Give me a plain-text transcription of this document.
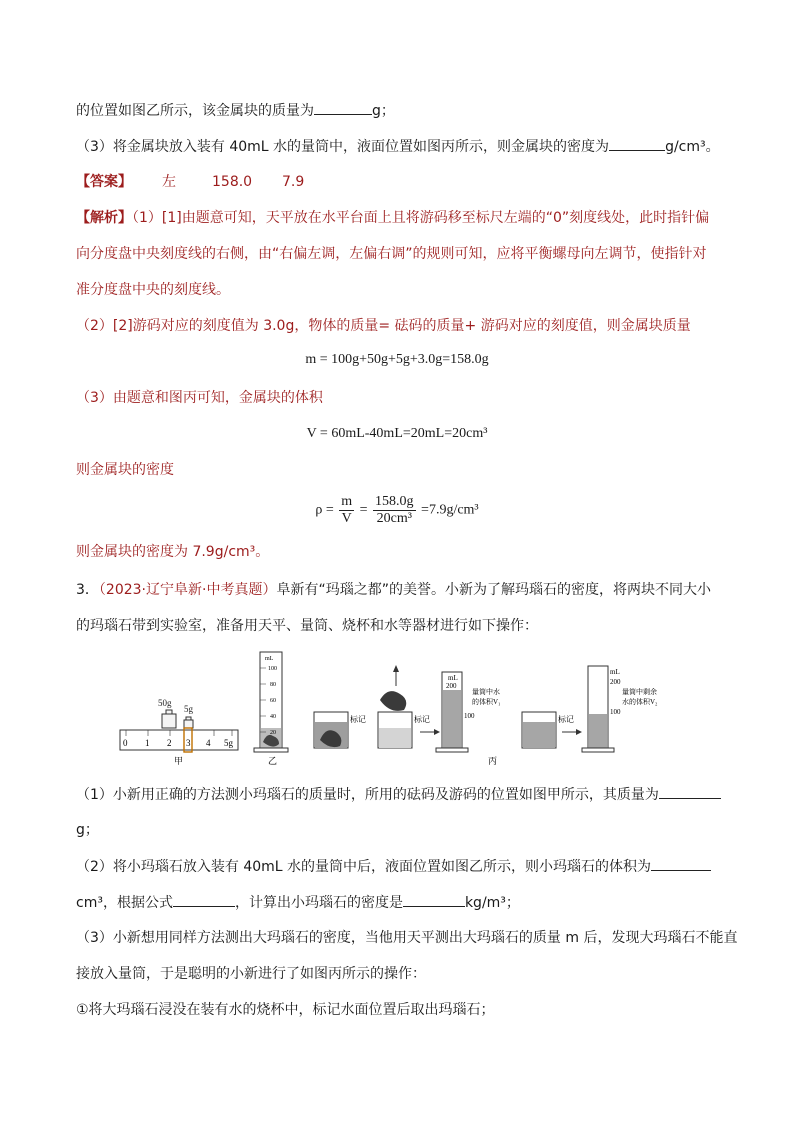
的位置如图乙所示，该金属块的质量为	g；
（3）将金属块放入装有 40mL 水的量筒中，液面位置如图丙所示，则金属块的密度为	g/cm³。
【答案】 左	158.0 7.9
【解析】（1）[1]由题意可知，天平放在水平台面上且将游码移至标尺左端的“0”刻度线处，此时指针偏
向分度盘中央刻度线的右侧，由“右偏左调，左偏右调”的规则可知，应将平衡螺母向左调节，使指针对
准分度盘中央的刻度线。
（2）[2]游码对应的刻度值为 3.0g，物体的质量= 砝码的质量+ 游码对应的刻度值，则金属块质量
m = 100g+50g+5g+3.0g=158.0g
（3）由题意和图丙可知，金属块的体积
V = 60mL-40mL=20mL=20cm³
则金属块的密度
$\rho = \frac{m}{V} = \frac{158.0g}{\text{20cm³}} =7.9g/cm^3$
则金属块的密度为 7.9g/cm³。
3．（2023·辽宁阜新·中考真题）阜新有“玛瑙之都”的美誉。小新为了解玛瑙石的密度，将两块不同大小
的玛瑙石带到实验室，准备用天平、量筒、烧杯和水等器材进行如下操作：
50g
5g
0 1 2 3 4 5g
甲
mL
100
80
60
40
20
乙
标记	标记
mL
200
100
量筒中水
的体积V₁
丙
标记
mL
200
100
量筒中剩余
水的体积V₂
（1）小新用正确的方法测小玛瑙石的质量时，所用的砝码及游码的位置如图甲所示，其质量为
g；
（2）将小玛瑙石放入装有 40mL 水的量筒中后，液面位置如图乙所示，则小玛瑙石的体积为
cm³，根据公式	，计算出小玛瑙石的密度是	kg/m³；
（3）小新想用同样方法测出大玛瑙石的密度，当他用天平测出大玛瑙石的质量 m 后，发现大玛瑙石不能直
接放入量筒，于是聪明的小新进行了如图丙所示的操作：
①将大玛瑙石浸没在装有水的烧杯中，标记水面位置后取出玛瑙石；
